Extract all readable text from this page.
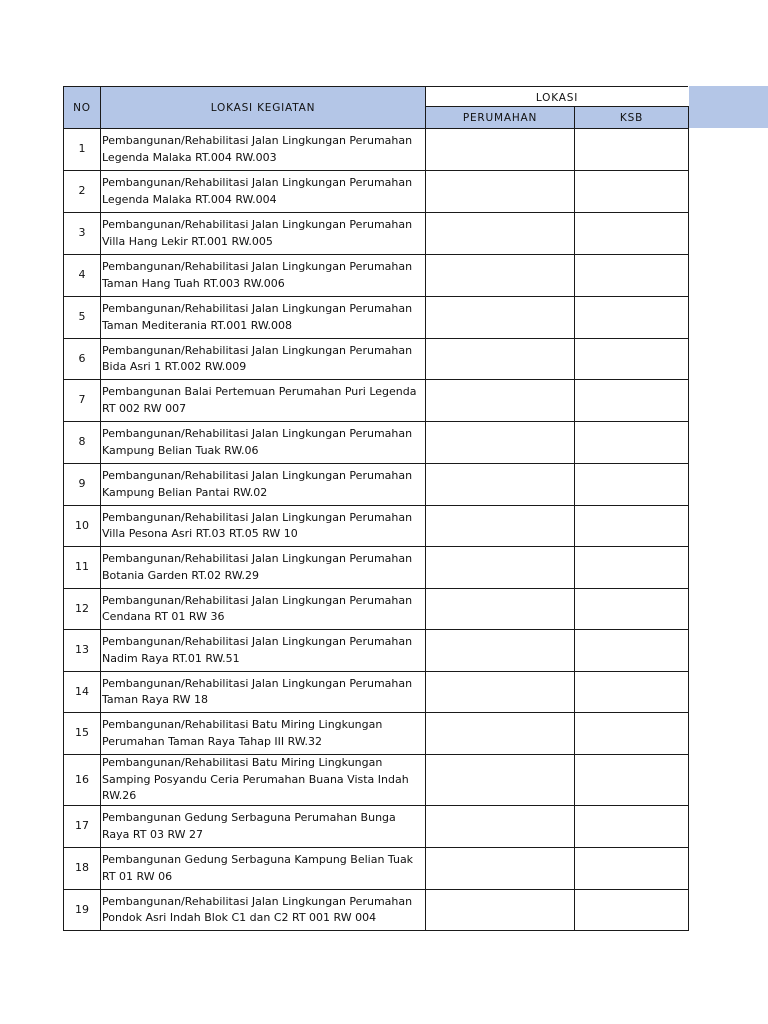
NO	LOKASI KEGIATAN	LOKASI	
		PERUMAHAN	KSB
1	Pembangunan/Rehabilitasi Jalan Lingkungan Perumahan Legenda Malaka RT.004 RW.003		
2	Pembangunan/Rehabilitasi Jalan Lingkungan Perumahan Legenda Malaka RT.004 RW.004		
3	Pembangunan/Rehabilitasi Jalan Lingkungan Perumahan Villa Hang Lekir RT.001 RW.005		
4	Pembangunan/Rehabilitasi Jalan Lingkungan Perumahan Taman Hang Tuah RT.003 RW.006		
5	Pembangunan/Rehabilitasi Jalan Lingkungan Perumahan Taman Mediterania RT.001 RW.008		
6	Pembangunan/Rehabilitasi Jalan Lingkungan Perumahan Bida Asri 1 RT.002 RW.009		
7	Pembangunan Balai Pertemuan Perumahan Puri Legenda RT 002 RW 007		
8	Pembangunan/Rehabilitasi Jalan Lingkungan Perumahan Kampung Belian Tuak RW.06		
9	Pembangunan/Rehabilitasi Jalan Lingkungan Perumahan Kampung Belian Pantai RW.02		
10	Pembangunan/Rehabilitasi Jalan Lingkungan Perumahan Villa Pesona Asri RT.03 RT.05 RW 10		
11	Pembangunan/Rehabilitasi Jalan Lingkungan Perumahan Botania Garden RT.02 RW.29		
12	Pembangunan/Rehabilitasi Jalan Lingkungan Perumahan Cendana RT 01 RW 36		
13	Pembangunan/Rehabilitasi Jalan Lingkungan Perumahan Nadim Raya RT.01 RW.51		
14	Pembangunan/Rehabilitasi Jalan Lingkungan Perumahan Taman Raya RW 18		
15	Pembangunan/Rehabilitasi Batu Miring Lingkungan Perumahan Taman Raya Tahap III RW.32		
16	Pembangunan/Rehabilitasi Batu Miring Lingkungan Samping Posyandu Ceria Perumahan Buana Vista Indah RW.26		
17	Pembangunan Gedung Serbaguna Perumahan Bunga Raya RT 03 RW 27		
18	Pembangunan Gedung Serbaguna Kampung Belian Tuak RT 01 RW 06		
19	Pembangunan/Rehabilitasi Jalan Lingkungan Perumahan Pondok Asri Indah Blok C1 dan C2 RT 001 RW 004		
